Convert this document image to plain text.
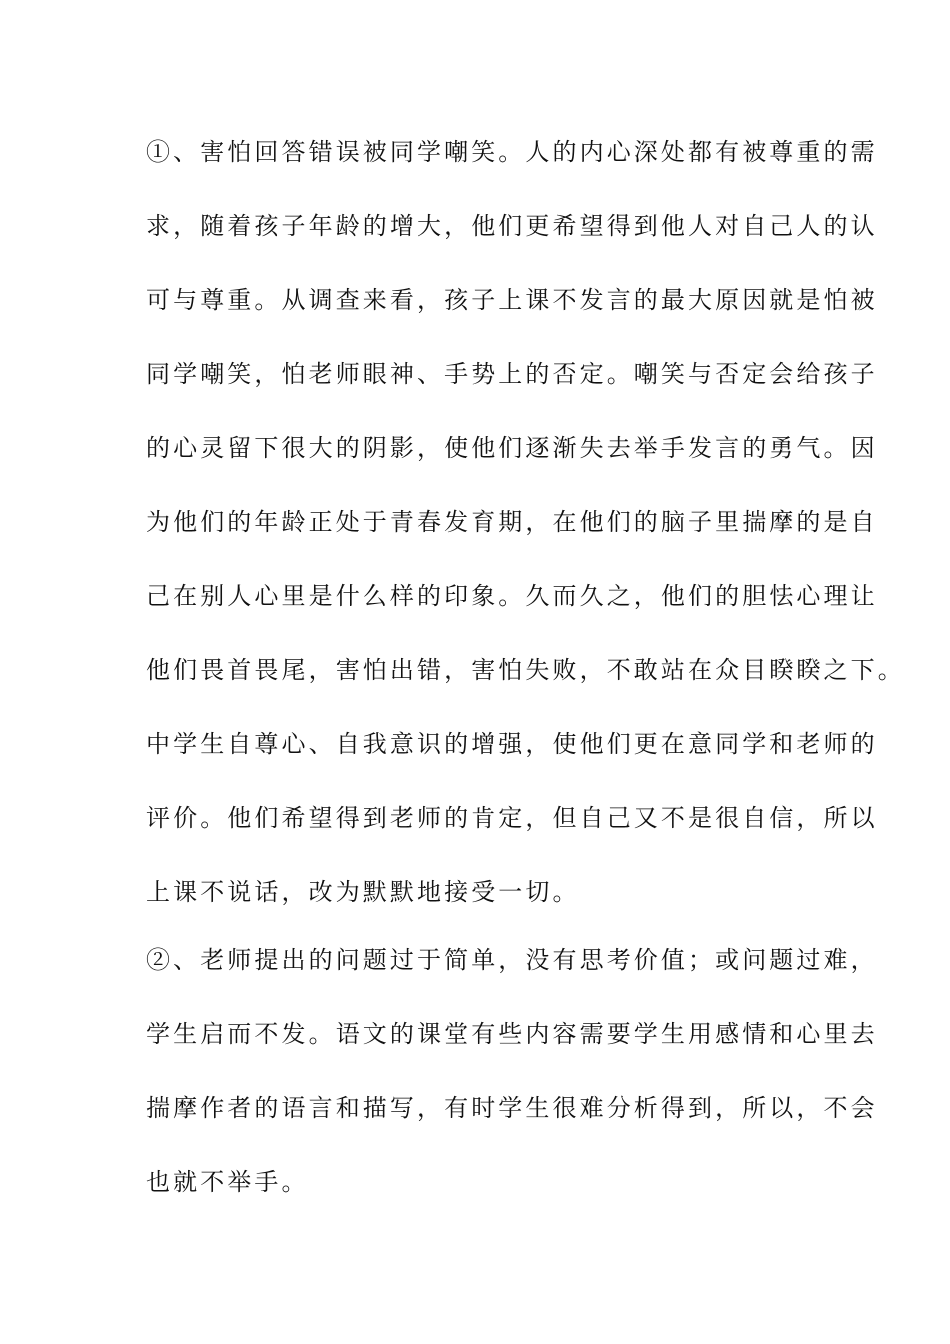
①、害怕回答错误被同学嘲笑。人的内心深处都有被尊重的需
求，随着孩子年龄的增大，他们更希望得到他人对自己人的认
可与尊重。从调查来看，孩子上课不发言的最大原因就是怕被
同学嘲笑，怕老师眼神、手势上的否定。嘲笑与否定会给孩子
的心灵留下很大的阴影，使他们逐渐失去举手发言的勇气。因
为他们的年龄正处于青春发育期，在他们的脑子里揣摩的是自
己在别人心里是什么样的印象。久而久之，他们的胆怯心理让
他们畏首畏尾，害怕出错，害怕失败，不敢站在众目睽睽之下。
中学生自尊心、自我意识的增强，使他们更在意同学和老师的
评价。他们希望得到老师的肯定，但自己又不是很自信，所以
上课不说话，改为默默地接受一切。
②、老师提出的问题过于简单，没有思考价值；或问题过难，
学生启而不发。语文的课堂有些内容需要学生用感情和心里去
揣摩作者的语言和描写，有时学生很难分析得到，所以，不会
也就不举手。
